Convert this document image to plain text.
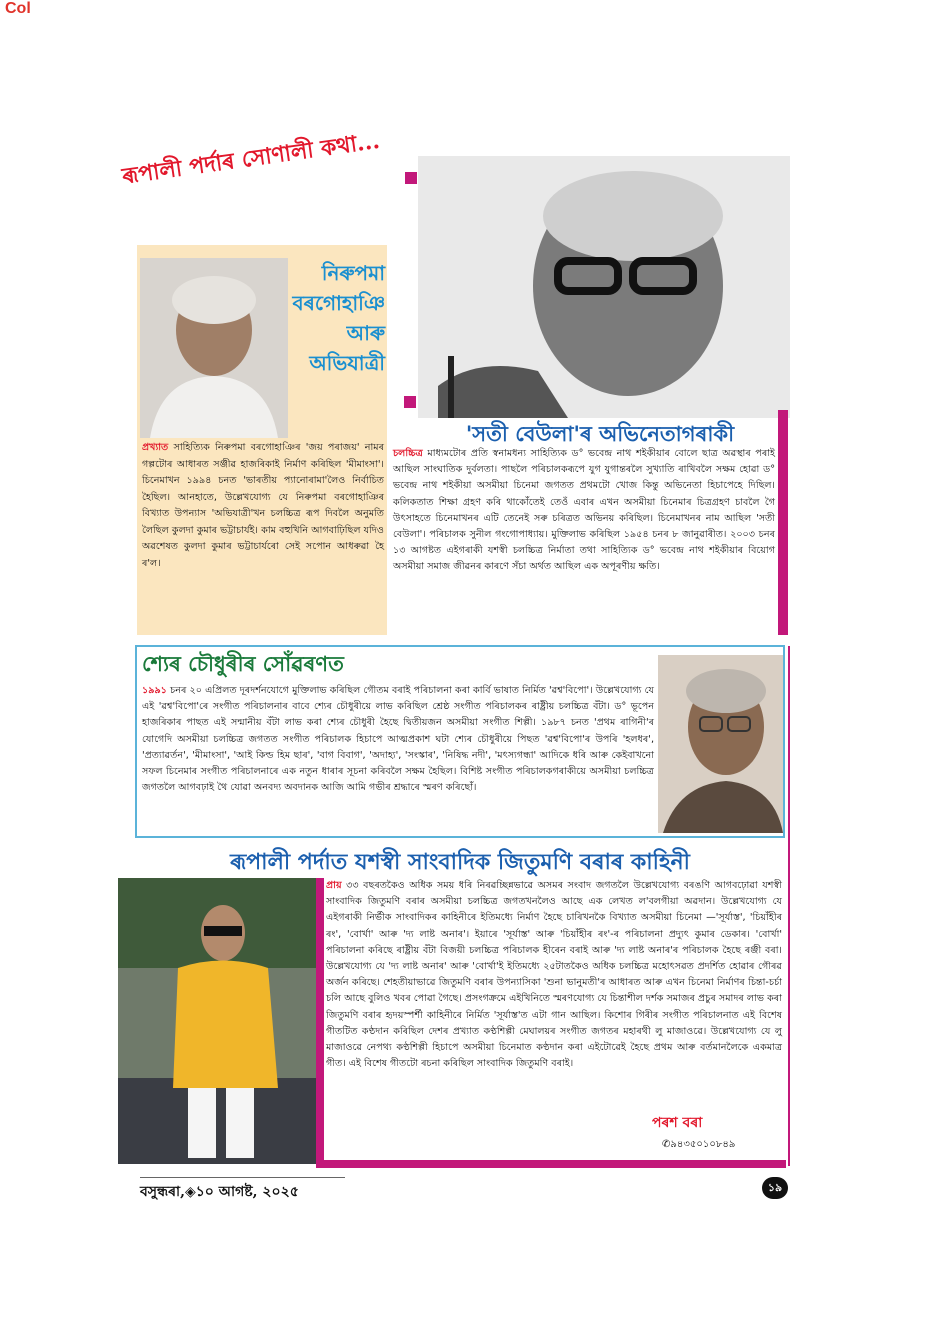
Col
ৰূপালী পৰ্দাৰ সোণালী কথা...
নিৰুপমা
বৰগোহাঞি
আৰু
অভিযাত্ৰী
প্ৰখ্যাত সাহিত্যিক নিৰুপমা বৰগোহাঞিৰ 'জয় পৰাজয়' নামৰ গল্পটোৰ আধাৰত সঞ্জীৱ হাজৰিকাই নিৰ্মাণ কৰিছিল 'মীমাংসা'। চিনেমাখন ১৯৯৪ চনত 'ভাৰতীয় প্যানোৰামা'লৈও নিৰ্বাচিত হৈছিল। আনহাতে, উল্লেখযোগ্য যে নিৰুপমা বৰগোহাঞিৰ বিখ্যাত উপন্যাস 'অভিযাত্ৰী'খন চলচ্চিত্ৰ ৰূপ দিবলৈ অনুমতি লৈছিল কুলদা কুমাৰ ভট্টাচাৰ্যই। কাম বহুখিনি আগবাঢ়িছিল যদিও অৱশেষত কুলদা কুমাৰ ভট্টাচাৰ্যৰো সেই সপোন আধৰুৱা হৈ ৰ'ল।
'সতী বেউলা'ৰ অভিনেতাগৰাকী
চলচ্চিত্ৰ মাধ্যমটোৰ প্ৰতি স্বনামধন্য সাহিত্যিক ড° ভবেন্দ্ৰ নাথ শইকীয়াৰ বোলে ছাত্ৰ অৱস্থাৰ পৰাই আছিল সাংঘাতিক দুৰ্বলতা। পাছলৈ পৰিচালকৰূপে যুগ যুগান্তৰলৈ সুখ্যাতি ৰাখিবলৈ সক্ষম হোৱা ড° ভবেন্দ্ৰ নাথ শইকীয়া অসমীয়া চিনেমা জগতত প্ৰথমটো খোজ কিন্তু অভিনেতা হিচাপেহে দিছিল। কলিকতাত শিক্ষা গ্ৰহণ কৰি থাকোঁতেই তেওঁ এবাৰ এখন অসমীয়া চিনেমাৰ চিত্ৰগ্ৰহণ চাবলৈ গৈ উৎসাহতে চিনেমাখনৰ এটি তেনেই সৰু চৰিত্ৰত অভিনয় কৰিছিল। চিনেমাখনৰ নাম আছিল 'সতী বেউলা'। পৰিচালক সুনীল গংগোপাধ্যায়। মুক্তিলাভ কৰিছিল ১৯৫৪ চনৰ ৮ জানুৱাৰীত। ২০০৩ চনৰ ১৩ আগষ্টত এইগৰাকী যশস্বী চলচ্চিত্ৰ নিৰ্মাতা তথা সাহিত্যিক ড° ভবেন্দ্ৰ নাথ শইকীয়াৰ বিয়োগ অসমীয়া সমাজ জীৱনৰ কাৰণে সঁচা অৰ্থত আছিল এক অপূৰণীয় ক্ষতি।
শ্যেৰ চৌধুৰীৰ সোঁৱৰণত
১৯৯১ চনৰ ২০ এপ্ৰিলত দূৰদৰ্শনযোগে মুক্তিলাভ কৰিছিল গৌতম বৰাই পৰিচালনা কৰা কাৰ্বি ভাষাত নিৰ্মিত 'ৱশ্ব'বিপো'। উল্লেখযোগ্য যে এই 'ৱশ্ব'বিপো'ৰে সংগীত পৰিচালনাৰ বাবে শ্যেৰ চৌধুৰীয়ে লাভ কৰিছিল শ্ৰেষ্ঠ সংগীত পৰিচালকৰ ৰাষ্ট্ৰীয় চলচ্চিত্ৰ বঁটা। ড° ভূপেন হাজৰিকাৰ পাছত এই সন্মানীয় বঁটা লাভ কৰা শ্যেৰ চৌধুৰী হৈছে দ্বিতীয়জন অসমীয়া সংগীত শিল্পী। ১৯৮৭ চনত 'প্ৰথম ৰাগিনী'ৰ যোগেদি অসমীয়া চলচ্চিত্ৰ জগতত সংগীত পৰিচালক হিচাপে আত্মপ্ৰকাশ ঘটা শ্যেৰ চৌধুৰীয়ে পিছত 'ৱশ্ব'বিপো'ৰ উপৰি 'হলধৰ', 'প্ৰত্যাৱৰ্তন', 'মীমাংসা', 'আই কিল্ড হিম ছাৰ', 'বাগ বিবাগ', 'অদাহ্য', 'সংস্কাৰ', 'নিষিদ্ধ নদী', 'মৎস্যগন্ধা' আদিকে ধৰি আৰু কেইবাখনো সফল চিনেমাৰ সংগীত পৰিচালনাৰে এক নতুন ধাৰাৰ সূচনা কৰিবলৈ সক্ষম হৈছিল। বিশিষ্ট সংগীত পৰিচালকগৰাকীয়ে অসমীয়া চলচ্চিত্ৰ জগতলৈ আগবঢ়াই থৈ যোৱা অনবদ্য অবদানক আজি আমি গভীৰ শ্ৰদ্ধাৰে স্মৰণ কৰিছোঁ।
ৰূপালী পৰ্দাত যশস্বী সাংবাদিক জিতুমণি বৰাৰ কাহিনী
প্ৰায় ৩৩ বছৰতকৈও অধিক সময় ধৰি নিৰৱচ্ছিন্নভাৱে অসমৰ সংবাদ জগতলৈ উল্লেখযোগ্য বৰঙণি আগবঢ়োৱা যশস্বী সাংবাদিক জিতুমণি বৰাৰ অসমীয়া চলচ্চিত্ৰ জগতখনলৈও আছে এক লেখত ল'বলগীয়া অৱদান। উল্লেখযোগ্য যে এইগৰাকী নিৰ্ভীক সাংবাদিকৰ কাহিনীৰে ইতিমধ্যে নিৰ্মাণ হৈছে চাৰিখনকৈ বিখ্যাত অসমীয়া চিনেমা —'সূৰ্যাস্ত', 'চিয়াঁহীৰ ৰং', 'বোৰ্খা' আৰু 'দ্য লাষ্ট অনাৰ'। ইয়াৰে 'সূৰ্যাস্ত' আৰু 'চিয়াঁহীৰ ৰং'-ৰ পৰিচালনা প্ৰদ্যুৎ কুমাৰ ডেকাৰ। 'বোৰ্খা' পৰিচালনা কৰিছে ৰাষ্ট্ৰীয় বঁটা বিজয়ী চলচ্চিত্ৰ পৰিচালক হীৰেন বৰাই আৰু 'দ্য লাষ্ট অনাৰ'ৰ পৰিচালক হৈছে ৰঞ্জী বৰা। উল্লেখযোগ্য যে 'দ্য লাষ্ট অনাৰ' আৰু 'বোৰ্খা'ই ইতিমধ্যে ২৫টাতকৈও অধিক চলচ্চিত্ৰ মহোৎসৱত প্ৰদৰ্শিত হোৱাৰ গৌৰৱ অৰ্জন কৰিছে। শেহতীয়াভাৱে জিতুমণি বৰাৰ উপন্যাসিকা 'শুনা ভানুমতী'ৰ আধাৰত আৰু এখন চিনেমা নিৰ্মাণৰ চিন্তা-চৰ্চা চলি আছে বুলিও খবৰ পোৱা গৈছে। প্ৰসংগক্ৰমে এইখিনিতে স্মৰণযোগ্য যে চিন্তাশীল দৰ্শক সমাজৰ প্ৰচুৰ সমাদৰ লাভ কৰা জিতুমণি বৰাৰ হৃদয়স্পৰ্শী কাহিনীৰে নিৰ্মিত 'সূৰ্যাস্ত'ত এটা গান আছিল। কিশোৰ গিৰীৰ সংগীত পৰিচালনাত এই বিশেষ গীতটিত কণ্ঠদান কৰিছিল দেশৰ প্ৰখ্যাত কণ্ঠশিল্পী মেঘালয়ৰ সংগীত জগতৰ মহাৰথী লু মাজাওৱে। উল্লেখযোগ্য যে লু মাজাওৱে নেপথ্য কণ্ঠশিল্পী হিচাপে অসমীয়া চিনেমাত কণ্ঠদান কৰা এইটোৱেই হৈছে প্ৰথম আৰু বৰ্তমানলৈকে একমাত্ৰ গীত। এই বিশেষ গীতটো ৰচনা কৰিছিল সাংবাদিক জিতুমণি বৰাই।
পৰশ বৰা
✆৯৪৩৫০১০৮৪৯
বসুন্ধৰা,◈১০ আগষ্ট, ২০২৫	১৯
